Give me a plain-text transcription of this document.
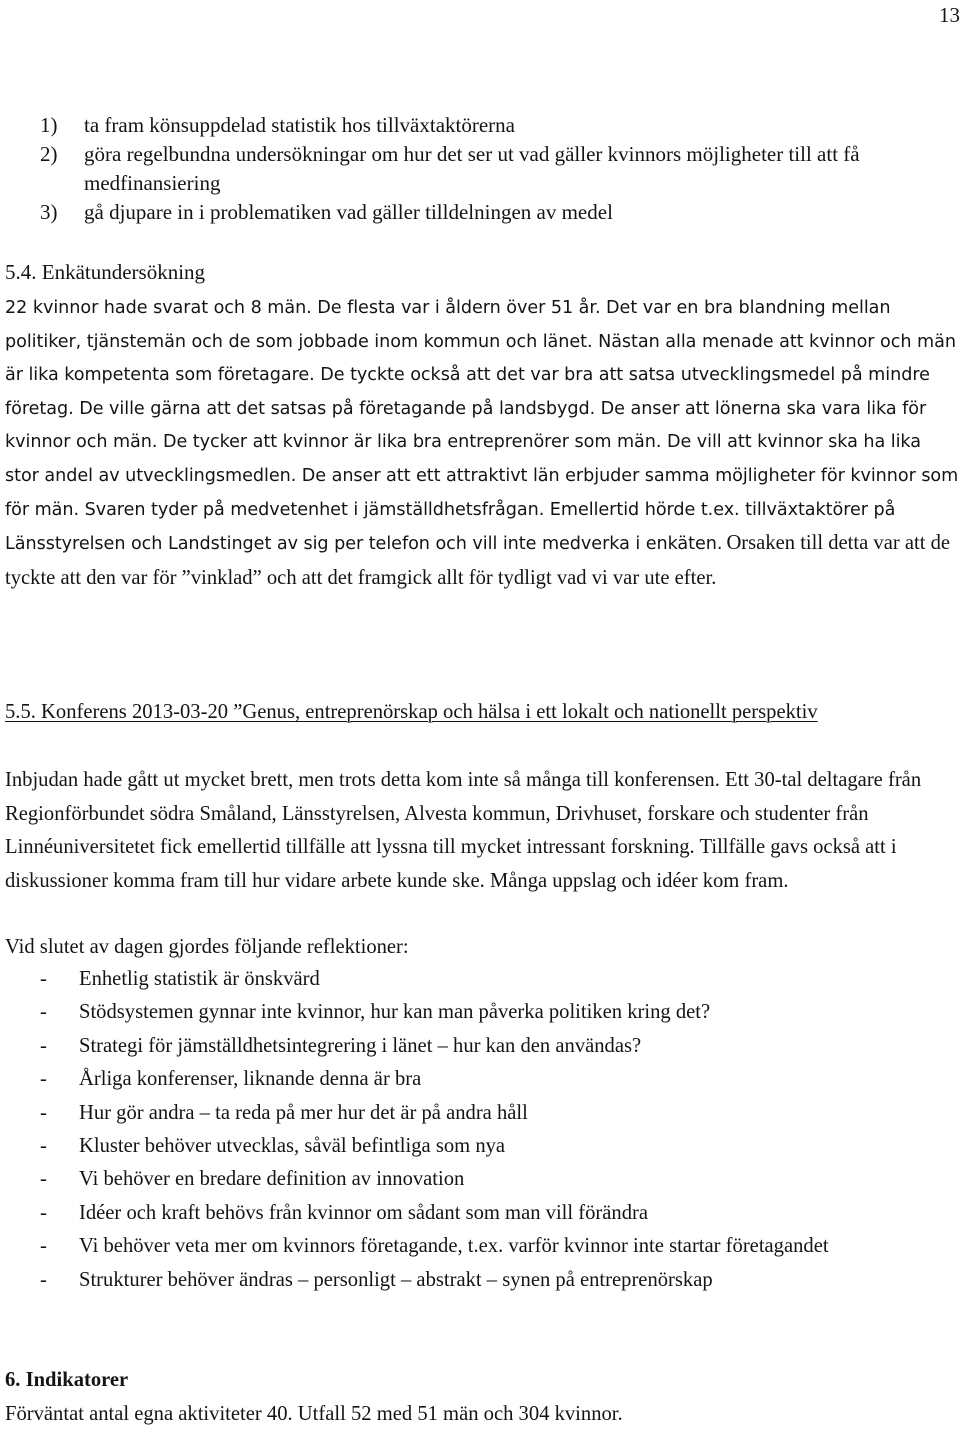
13
1)	ta fram könsuppdelad statistik hos tillväxtaktörerna
2)	göra regelbundna undersökningar om hur det ser ut vad gäller kvinnors möjligheter till att få medfinansiering
3)	gå djupare in i problematiken vad gäller tilldelningen av medel
5.4. Enkätundersökning
22 kvinnor hade svarat och 8 män. De flesta var i åldern över 51 år. Det var en bra blandning mellan politiker, tjänstemän och de som jobbade inom kommun och länet. Nästan alla menade att kvinnor och män är lika kompetenta som företagare. De tyckte också att det var bra att satsa utvecklingsmedel på mindre företag. De ville gärna att det satsas på företagande på landsbygd. De anser att lönerna ska vara lika för kvinnor och män. De tycker att kvinnor är lika bra entreprenörer som män. De vill att kvinnor ska ha lika stor andel av utvecklingsmedlen. De anser att ett attraktivt län erbjuder samma möjligheter för kvinnor som för män. Svaren tyder på medvetenhet i jämställdhetsfrågan. Emellertid hörde t.ex. tillväxtaktörer på Länsstyrelsen och Landstinget av sig per telefon och vill inte medverka i enkäten. Orsaken till detta var att de tyckte att den var för ”vinklad” och att det framgick allt för tydligt vad vi var ute efter.
5.5. Konferens 2013-03-20 ”Genus, entreprenörskap och hälsa i ett lokalt och nationellt perspektiv
Inbjudan hade gått ut mycket brett, men trots detta kom inte så många till konferensen. Ett 30-tal deltagare från Regionförbundet södra Småland, Länsstyrelsen, Alvesta kommun, Drivhuset, forskare och studenter från Linnéuniversitetet fick emellertid tillfälle att lyssna till mycket intressant forskning. Tillfälle gavs också att i diskussioner komma fram till hur vidare arbete kunde ske. Många uppslag och idéer kom fram.
Vid slutet av dagen gjordes följande reflektioner:
-	Enhetlig statistik är önskvärd
-	Stödsystemen gynnar inte kvinnor, hur kan man påverka politiken kring det?
-	Strategi för jämställdhetsintegrering i länet – hur kan den användas?
-	Årliga konferenser, liknande denna är bra
-	Hur gör andra – ta reda på mer hur det är på andra håll
-	Kluster behöver utvecklas, såväl befintliga som nya
-	Vi behöver en bredare definition av innovation
-	Idéer och kraft behövs från kvinnor om sådant som man vill förändra
-	Vi behöver veta mer om kvinnors företagande, t.ex. varför kvinnor inte startar företagandet
-	Strukturer behöver ändras – personligt – abstrakt – synen på entreprenörskap
6. Indikatorer
Förväntat antal egna aktiviteter 40. Utfall 52 med 51 män och 304 kvinnor.
